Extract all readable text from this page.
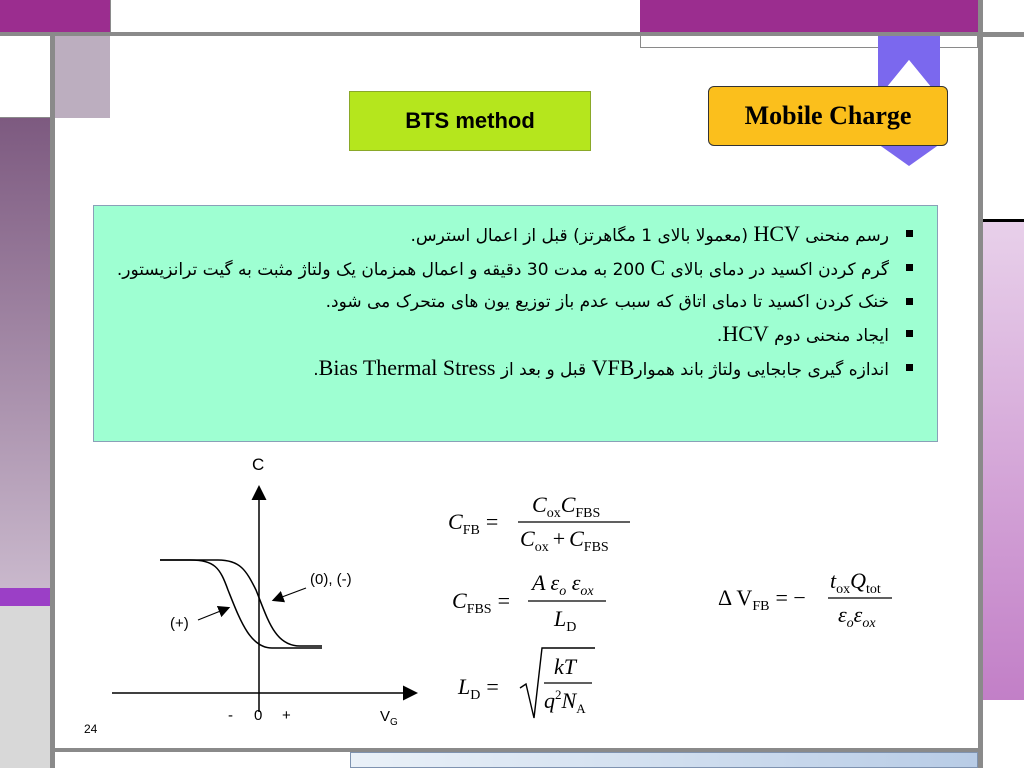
BTS method	Mobile Charge
رسم منحنی HCV (معمولا بالای 1 مگاهرتز) قبل از اعمال استرس.
گرم کردن اکسید در دمای بالای C 200 به مدت 30 دقیقه و اعمال همزمان یک ولتاژ مثبت به گیت ترانزیستور.
خنک کردن اکسید تا دمای اتاق که سبب عدم باز توزیع یون های متحرک می شود.
ایجاد منحنی دوم HCV.
اندازه گیری جابجایی ولتاژ باند هموارVFB قبل و بعد از Bias Thermal Stress.
C
$V_G$
(0), (-)
(+)
- 0 +
$C_{FB}$ =
$C_{ox}C_{FBS}$
$C_{ox} + C_{FBS}$
$C_{FBS}$ =
A $\varepsilon_o$ $\varepsilon_{ox}$
$L_D$
$L_D$ =
kT
$q^2N_A$
Δ $V_{FB}$ = −
$t_{ox}Q_{tot}$
$\varepsilon_o\varepsilon_{ox}$
24
